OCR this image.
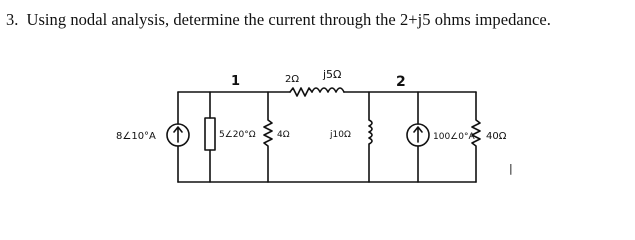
3. Using nodal analysis, determine the current through the 2+j5 ohms impedance.
1	2
2Ω j5Ω
8∠10°A	5∠20°Ω 4Ω	j10Ω	100∠0°A 40Ω
|
